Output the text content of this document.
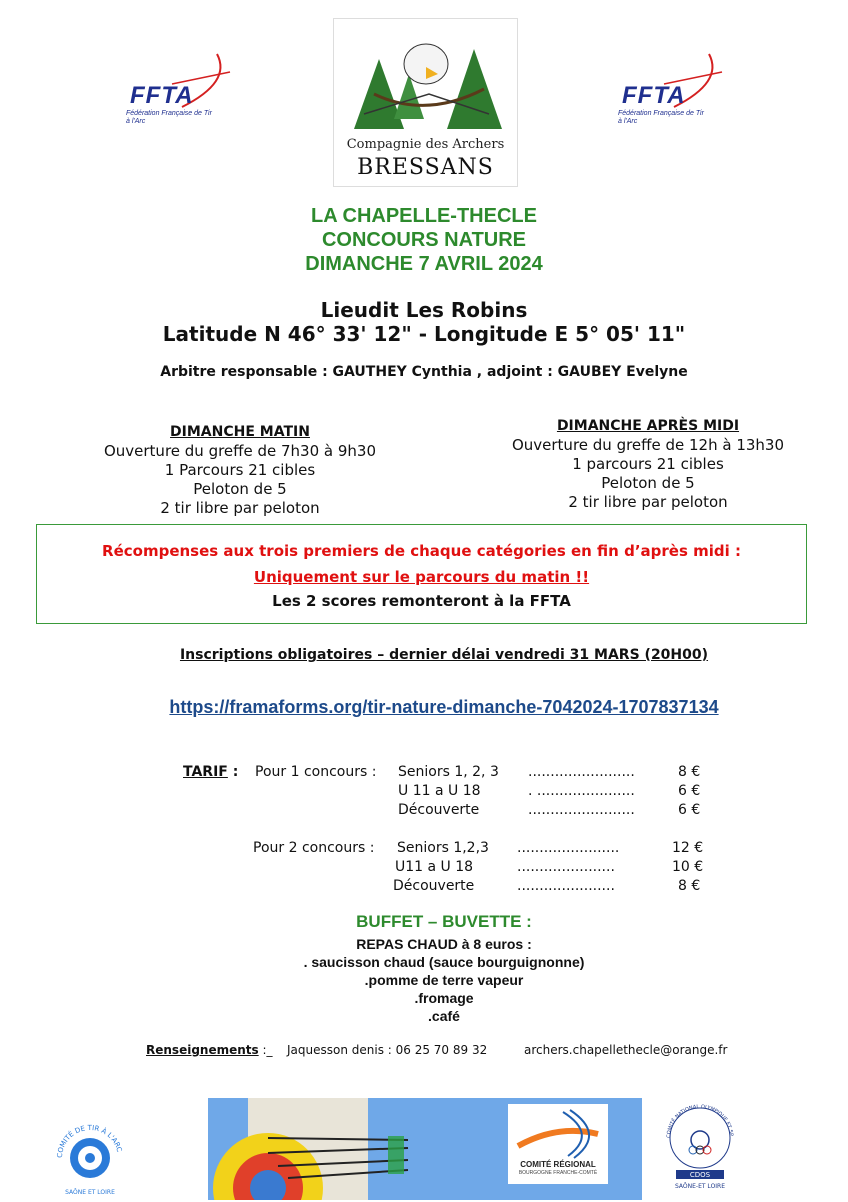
FFTA
Fédération Française de Tir à l'Arc
Compagnie des Archers
BRESSANS
FFTA
Fédération Française de Tir à l'Arc
LA CHAPELLE-THECLE
CONCOURS NATURE
DIMANCHE 7 AVRIL 2024
Lieudit Les Robins
Latitude N 46° 33' 12" - Longitude E 5° 05' 11"
Arbitre responsable : GAUTHEY Cynthia , adjoint : GAUBEY Evelyne
DIMANCHE MATIN
Ouverture du greffe de 7h30 à 9h30
1 Parcours 21 cibles
Peloton de 5
2 tir libre par peloton
DIMANCHE APRÈS MIDI
Ouverture du greffe de 12h à 13h30
1 parcours 21 cibles
Peloton de 5
2 tir libre par peloton
Récompenses aux trois premiers de chaque catégories en fin d’après midi :
Uniquement sur le parcours du matin !!
Les 2 scores remonteront à la FFTA
Inscriptions obligatoires – dernier délai vendredi 31 MARS (20H00)
https://framaforms.org/tir-nature-dimanche-7042024-1707837134
TARIF : Pour 1 concours : Seniors 1, 2, 3 ........................	8 €
U 11 a U 18	. ......................	6 €
Découverte	........................	6 €
Pour 2 concours : Seniors 1,2,3 .......................	12 €
U11 a U 18	......................	10 €
Découverte	......................	8 €
BUFFET – BUVETTE :
REPAS CHAUD à 8 euros :
. saucisson chaud (sauce bourguignonne)
.pomme de terre vapeur
.fromage
.café
Renseignements :_ Jaquesson denis : 06 25 70 89 32	archers.chapellethecle@orange.fr
COMITÉ DE TIR À L'ARC
SAÔNE ET LOIRE
COMITÉ RÉGIONAL
BOURGOGNE FRANCHE-COMTÉ
COMITÉ NATIONAL OLYMPIQUE ET SP
CDOS
SAÔNE-ET LOIRE
